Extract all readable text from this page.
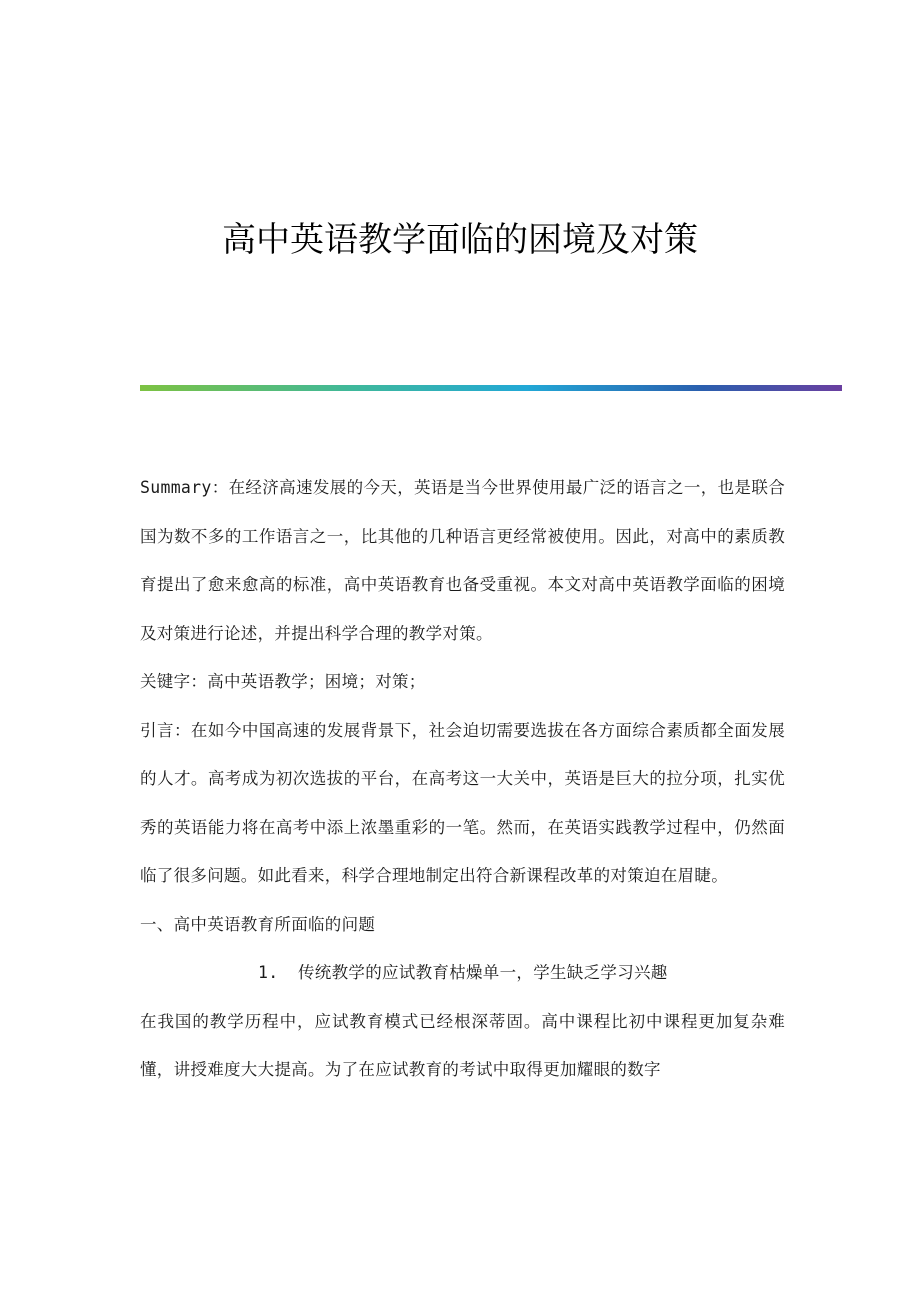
高中英语教学面临的困境及对策

Summary：在经济高速发展的今天，英语是当今世界使用最广泛的语言之一，也是联合国为数不多的工作语言之一，比其他的几种语言更经常被使用。因此，对高中的素质教育提出了愈来愈高的标准，高中英语教育也备受重视。本文对高中英语教学面临的困境及对策进行论述，并提出科学合理的教学对策。

关键字：高中英语教学；困境；对策；

引言：在如今中国高速的发展背景下，社会迫切需要选拔在各方面综合素质都全面发展的人才。高考成为初次选拔的平台，在高考这一大关中，英语是巨大的拉分项，扎实优秀的英语能力将在高考中添上浓墨重彩的一笔。然而，在英语实践教学过程中，仍然面临了很多问题。如此看来，科学合理地制定出符合新课程改革的对策迫在眉睫。

一、高中英语教育所面临的问题

1. 传统教学的应试教育枯燥单一，学生缺乏学习兴趣

在我国的教学历程中，应试教育模式已经根深蒂固。高中课程比初中课程更加复杂难懂，讲授难度大大提高。为了在应试教育的考试中取得更加耀眼的数字
